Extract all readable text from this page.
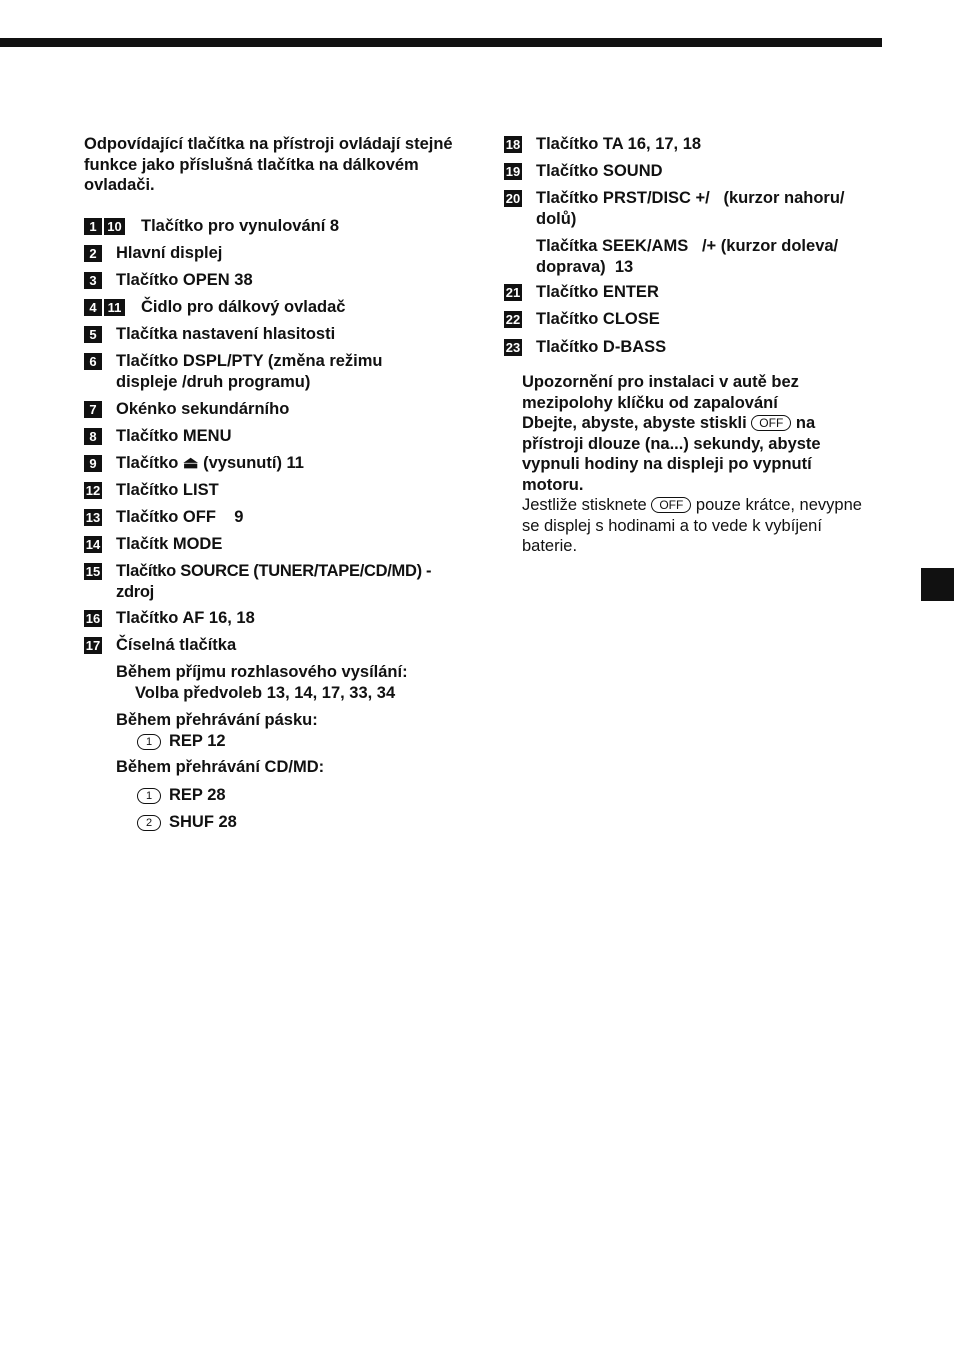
Odpovídající tlačítka na přístroji ovládají stejné funkce jako příslušná tlačítka na dálkovém ovladači.
1 10 Tlačítko pro vynulování 8
2	Hlavní displej
3	Tlačítko OPEN 38
4 11 Čidlo pro dálkový ovladač
5	Tlačítka nastavení hlasitosti
6	Tlačítko DSPL/PTY (změna režimu displeje /druh programu)
7	Okénko sekundárního
8	Tlačítko MENU
9	Tlačítko ⏏ (vysunutí) 11
12 Tlačítko LIST
13 Tlačítko OFF    9
14 Tlačítk MODE
15 Tlačítko SOURCE (TUNER/TAPE/CD/MD) - zdroj
16 Tlačítko AF 16, 18
17 Číselná tlačítka
Během příjmu rozhlasového vysílání:
Volba předvoleb 13, 14, 17, 33, 34
Během přehrávání pásku:
1 REP 12
Během přehrávání CD/MD:
1 REP 28
2 SHUF 28
18 Tlačítko TA 16, 17, 18
19 Tlačítko SOUND
20 Tlačítko PRST/DISC +/   (kurzor nahoru/ dolů)
Tlačítka SEEK/AMS   /+ (kurzor doleva/ doprava)  13
21 Tlačítko ENTER
22 Tlačítko CLOSE
23 Tlačítko D-BASS
Upozornění pro instalaci v autě bez mezipolohy klíčku od zapalování
Dbejte, abyste, abyste stiskli OFF na přístroji dlouze (na...) sekundy, abyste vypnuli hodiny na displeji po vypnutí motoru.
Jestliže stisknete OFF pouze krátce, nevypne se displej s hodinami a to vede k vybíjení baterie.
